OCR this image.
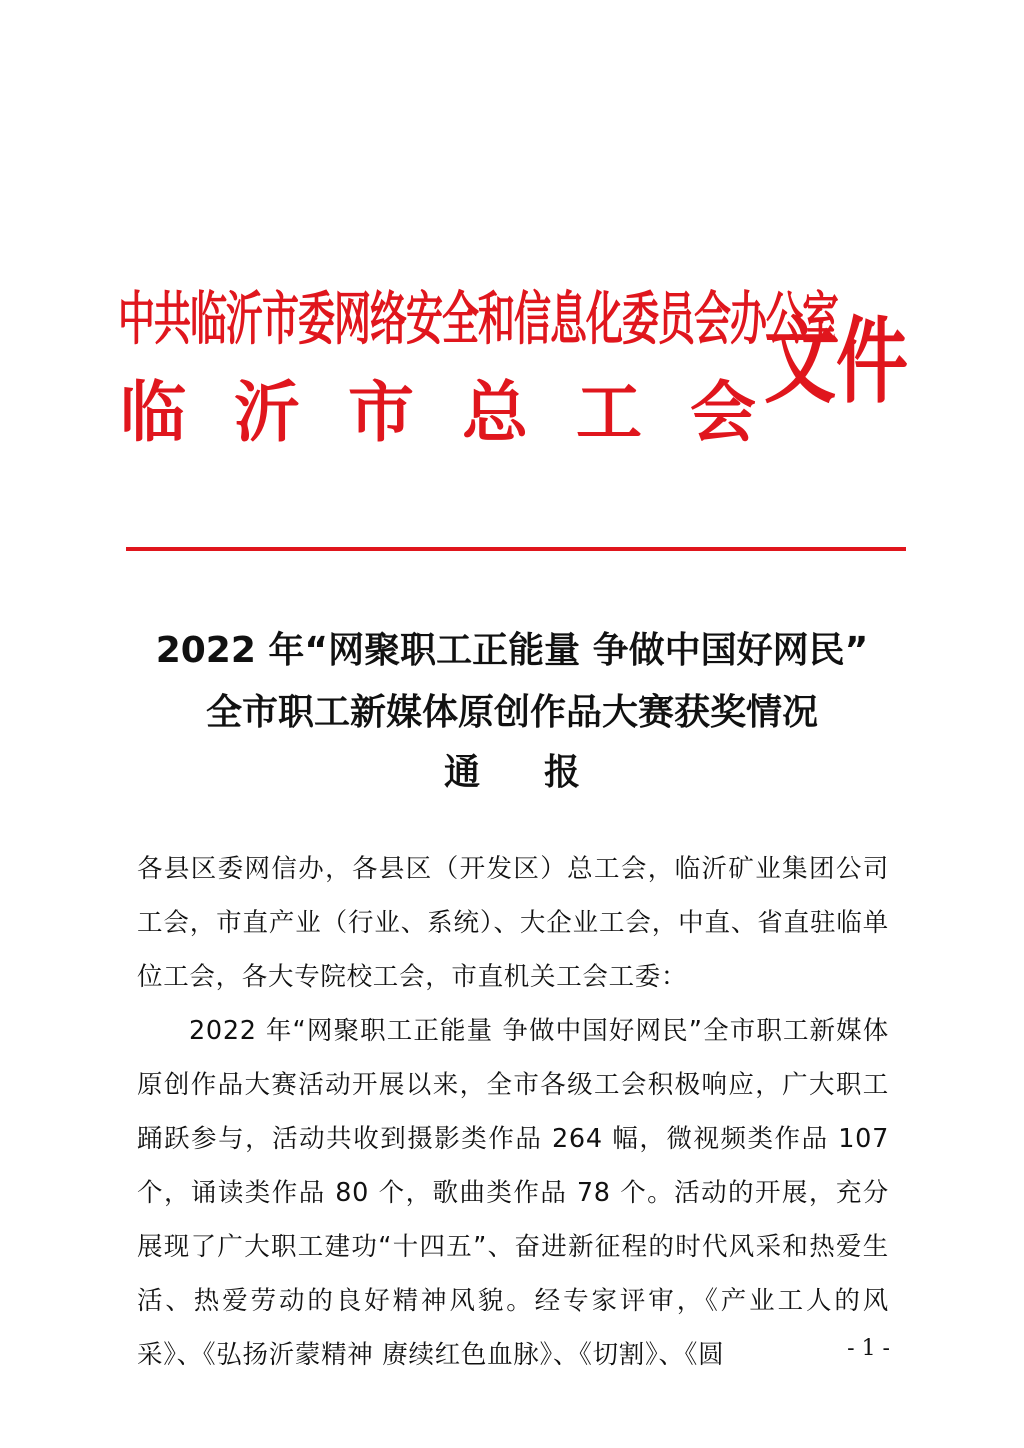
中共临沂市委网络安全和信息化委员会办公室
临 沂 市 总 工 会 文件
2022 年“网聚职工正能量 争做中国好网民”
全市职工新媒体原创作品大赛获奖情况
通报

各县区委网信办，各县区（开发区）总工会，临沂矿业集团公司工会，市直产业（行业、系统）、大企业工会，中直、省直驻临单位工会，各大专院校工会，市直机关工会工委：

2022 年“网聚职工正能量 争做中国好网民”全市职工新媒体原创作品大赛活动开展以来，全市各级工会积极响应，广大职工踊跃参与，活动共收到摄影类作品 264 幅，微视频类作品 107 个，诵读类作品 80 个，歌曲类作品 78 个。活动的开展，充分展现了广大职工建功“十四五”、奋进新征程的时代风采和热爱生活、热爱劳动的良好精神风貌。经专家评审，《产业工人的风采》、《弘扬沂蒙精神 赓续红色血脉》、《切割》、《圆	- 1 -
